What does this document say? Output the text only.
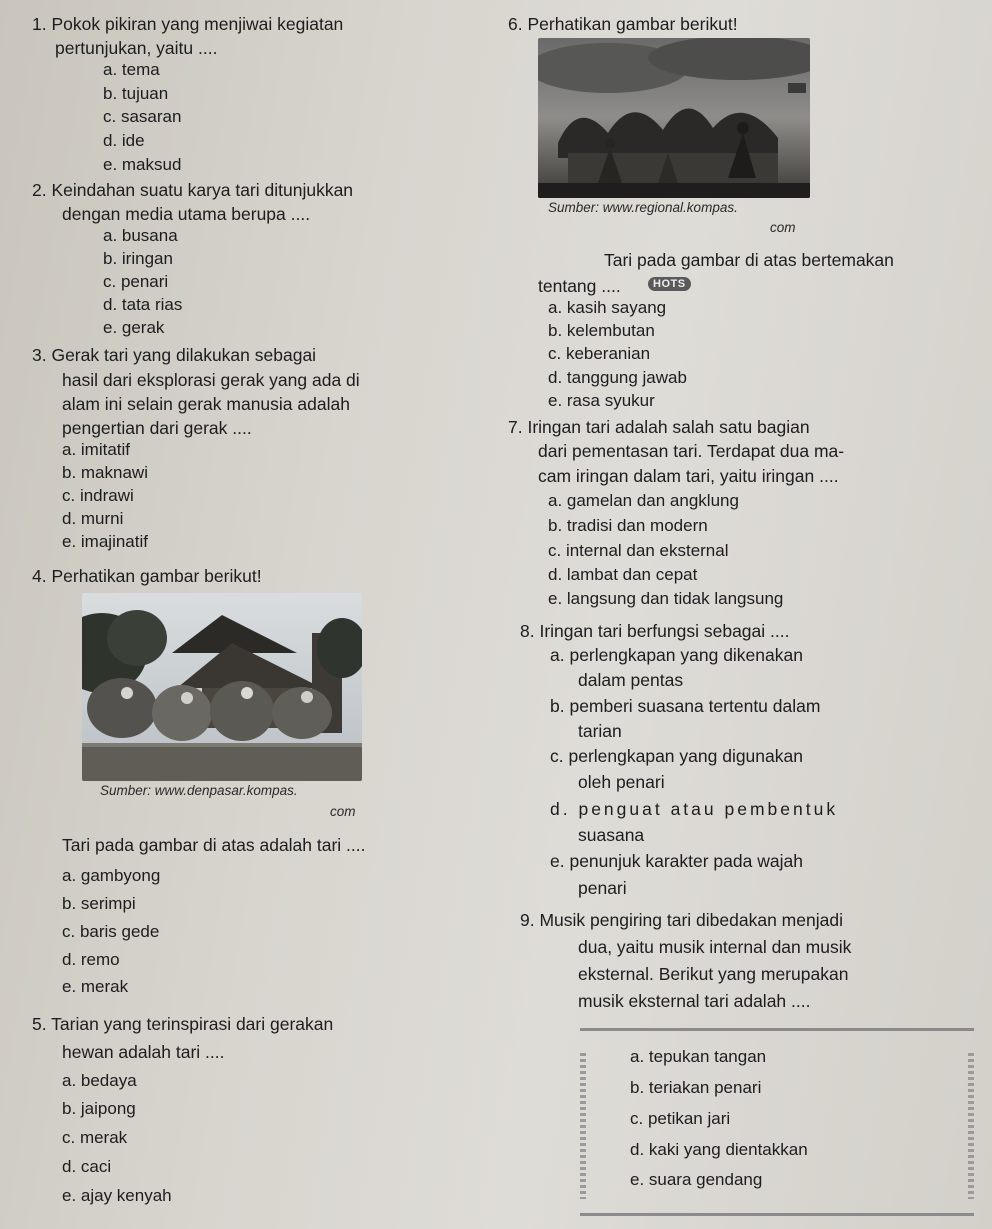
1. Pokok pikiran yang menjiwai kegiatan
pertunjukan, yaitu ....
a. tema
b. tujuan
c. sasaran
d. ide
e. maksud
2. Keindahan suatu karya tari ditunjukkan
dengan media utama berupa ....
a. busana
b. iringan
c. penari
d. tata rias
e. gerak
3. Gerak tari yang dilakukan sebagai
hasil dari eksplorasi gerak yang ada di
alam ini selain gerak manusia adalah
pengertian dari gerak ....
a. imitatif
b. maknawi
c. indrawi
d. murni
e. imajinatif
4. Perhatikan gambar berikut!
Sumber: www.denpasar.kompas.
com
Tari pada gambar di atas adalah tari ....
a. gambyong
b. serimpi
c. baris gede
d. remo
e. merak
5. Tarian yang terinspirasi dari gerakan
hewan adalah tari ....
a. bedaya
b. jaipong
c. merak
d. caci
e. ajay kenyah
6. Perhatikan gambar berikut!
Sumber: www.regional.kompas.
com
Tari pada gambar di atas bertemakan
tentang ....	HOTS
a. kasih sayang
b. kelembutan
c. keberanian
d. tanggung jawab
e. rasa syukur
7. Iringan tari adalah salah satu bagian
dari pementasan tari. Terdapat dua ma-
cam iringan dalam tari, yaitu iringan ....
a. gamelan dan angklung
b. tradisi dan modern
c. internal dan eksternal
d. lambat dan cepat
e. langsung dan tidak langsung
8. Iringan tari berfungsi sebagai ....
a. perlengkapan yang dikenakan
dalam pentas
b. pemberi suasana tertentu dalam
tarian
c. perlengkapan yang digunakan
oleh penari
d. penguat atau pembentuk
suasana
e. penunjuk karakter pada wajah
penari
9. Musik pengiring tari dibedakan menjadi
dua, yaitu musik internal dan musik
eksternal. Berikut yang merupakan
musik eksternal tari adalah ....
a. tepukan tangan
b. teriakan penari
c. petikan jari
d. kaki yang dientakkan
e. suara gendang
